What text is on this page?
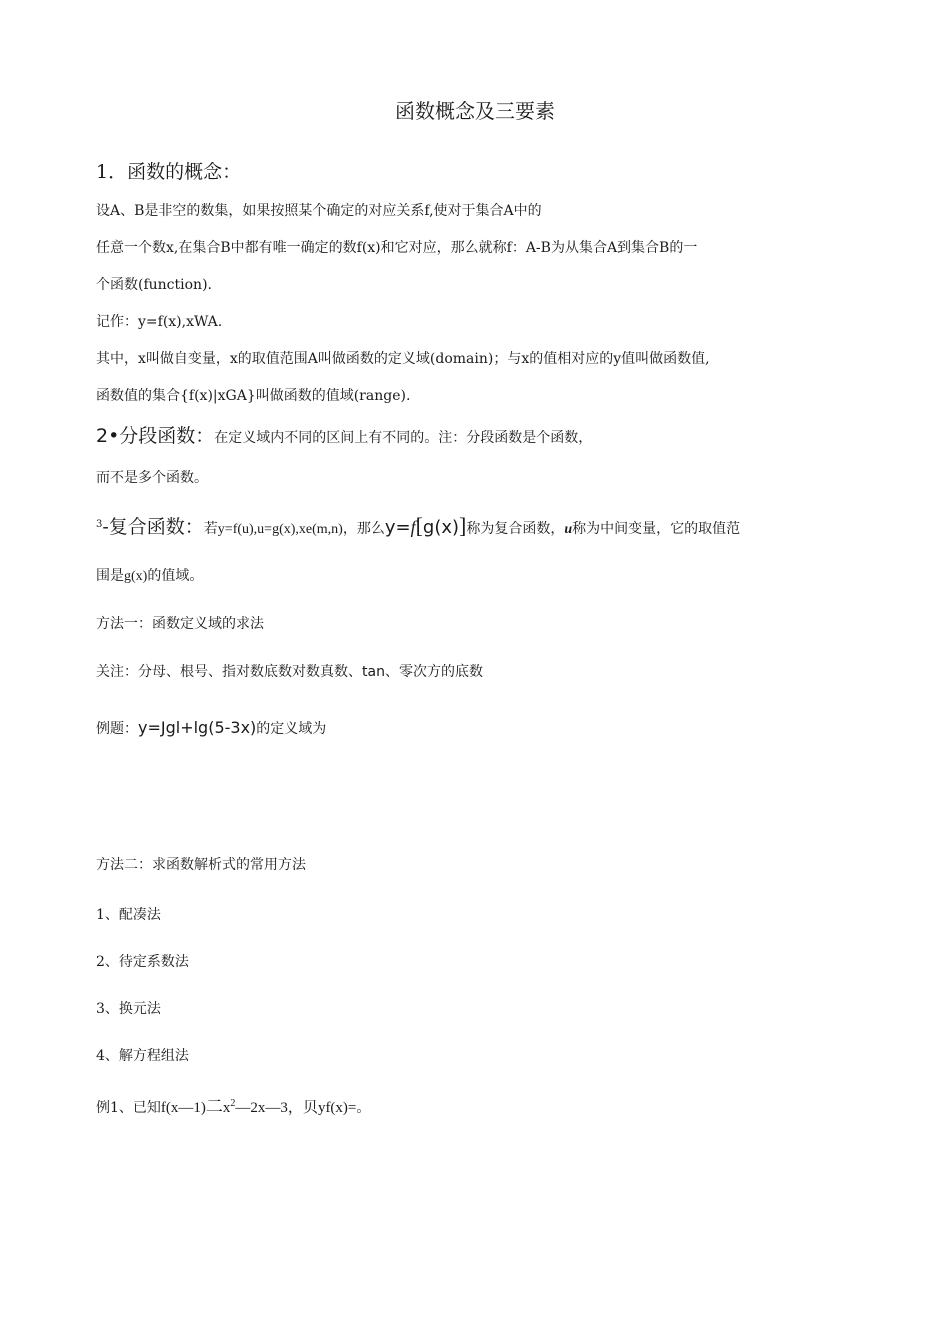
函数概念及三要素
1．函数的概念：
设A、B是非空的数集，如果按照某个确定的对应关系f,使对于集合A中的
任意一个数x,在集合B中都有唯一确定的数f(x)和它对应，那么就称f：A-B为从集合A到集合B的一
个函数(function).
记作：y=f(x),xWA.
其中，x叫做自变量，x的取值范围A叫做函数的定义域(domain)；与x的值相对应的y值叫做函数值,
函数值的集合{f(x)|xGA}叫做函数的值域(range).
2•分段函数：在定义域内不同的区间上有不同的。注：分段函数是个函数，
而不是多个函数。
$^3$-复合函数：若y=f(u),u=g(x),xe(m,n)，那么y=f[g(x)]称为复合函数，u称为中间变量，它的取值范
围是g(x)的值域。
方法一：函数定义域的求法
关注：分母、根号、指对数底数对数真数、tan、零次方的底数
例题：y=Jgl+lg(5-3x)的定义域为
方法二：求函数解析式的常用方法
1、配凑法
2、待定系数法
3、换元法
4、解方程组法
例1、已知f(x—1)二$x^2—2x—3$，贝yf(x)=。
